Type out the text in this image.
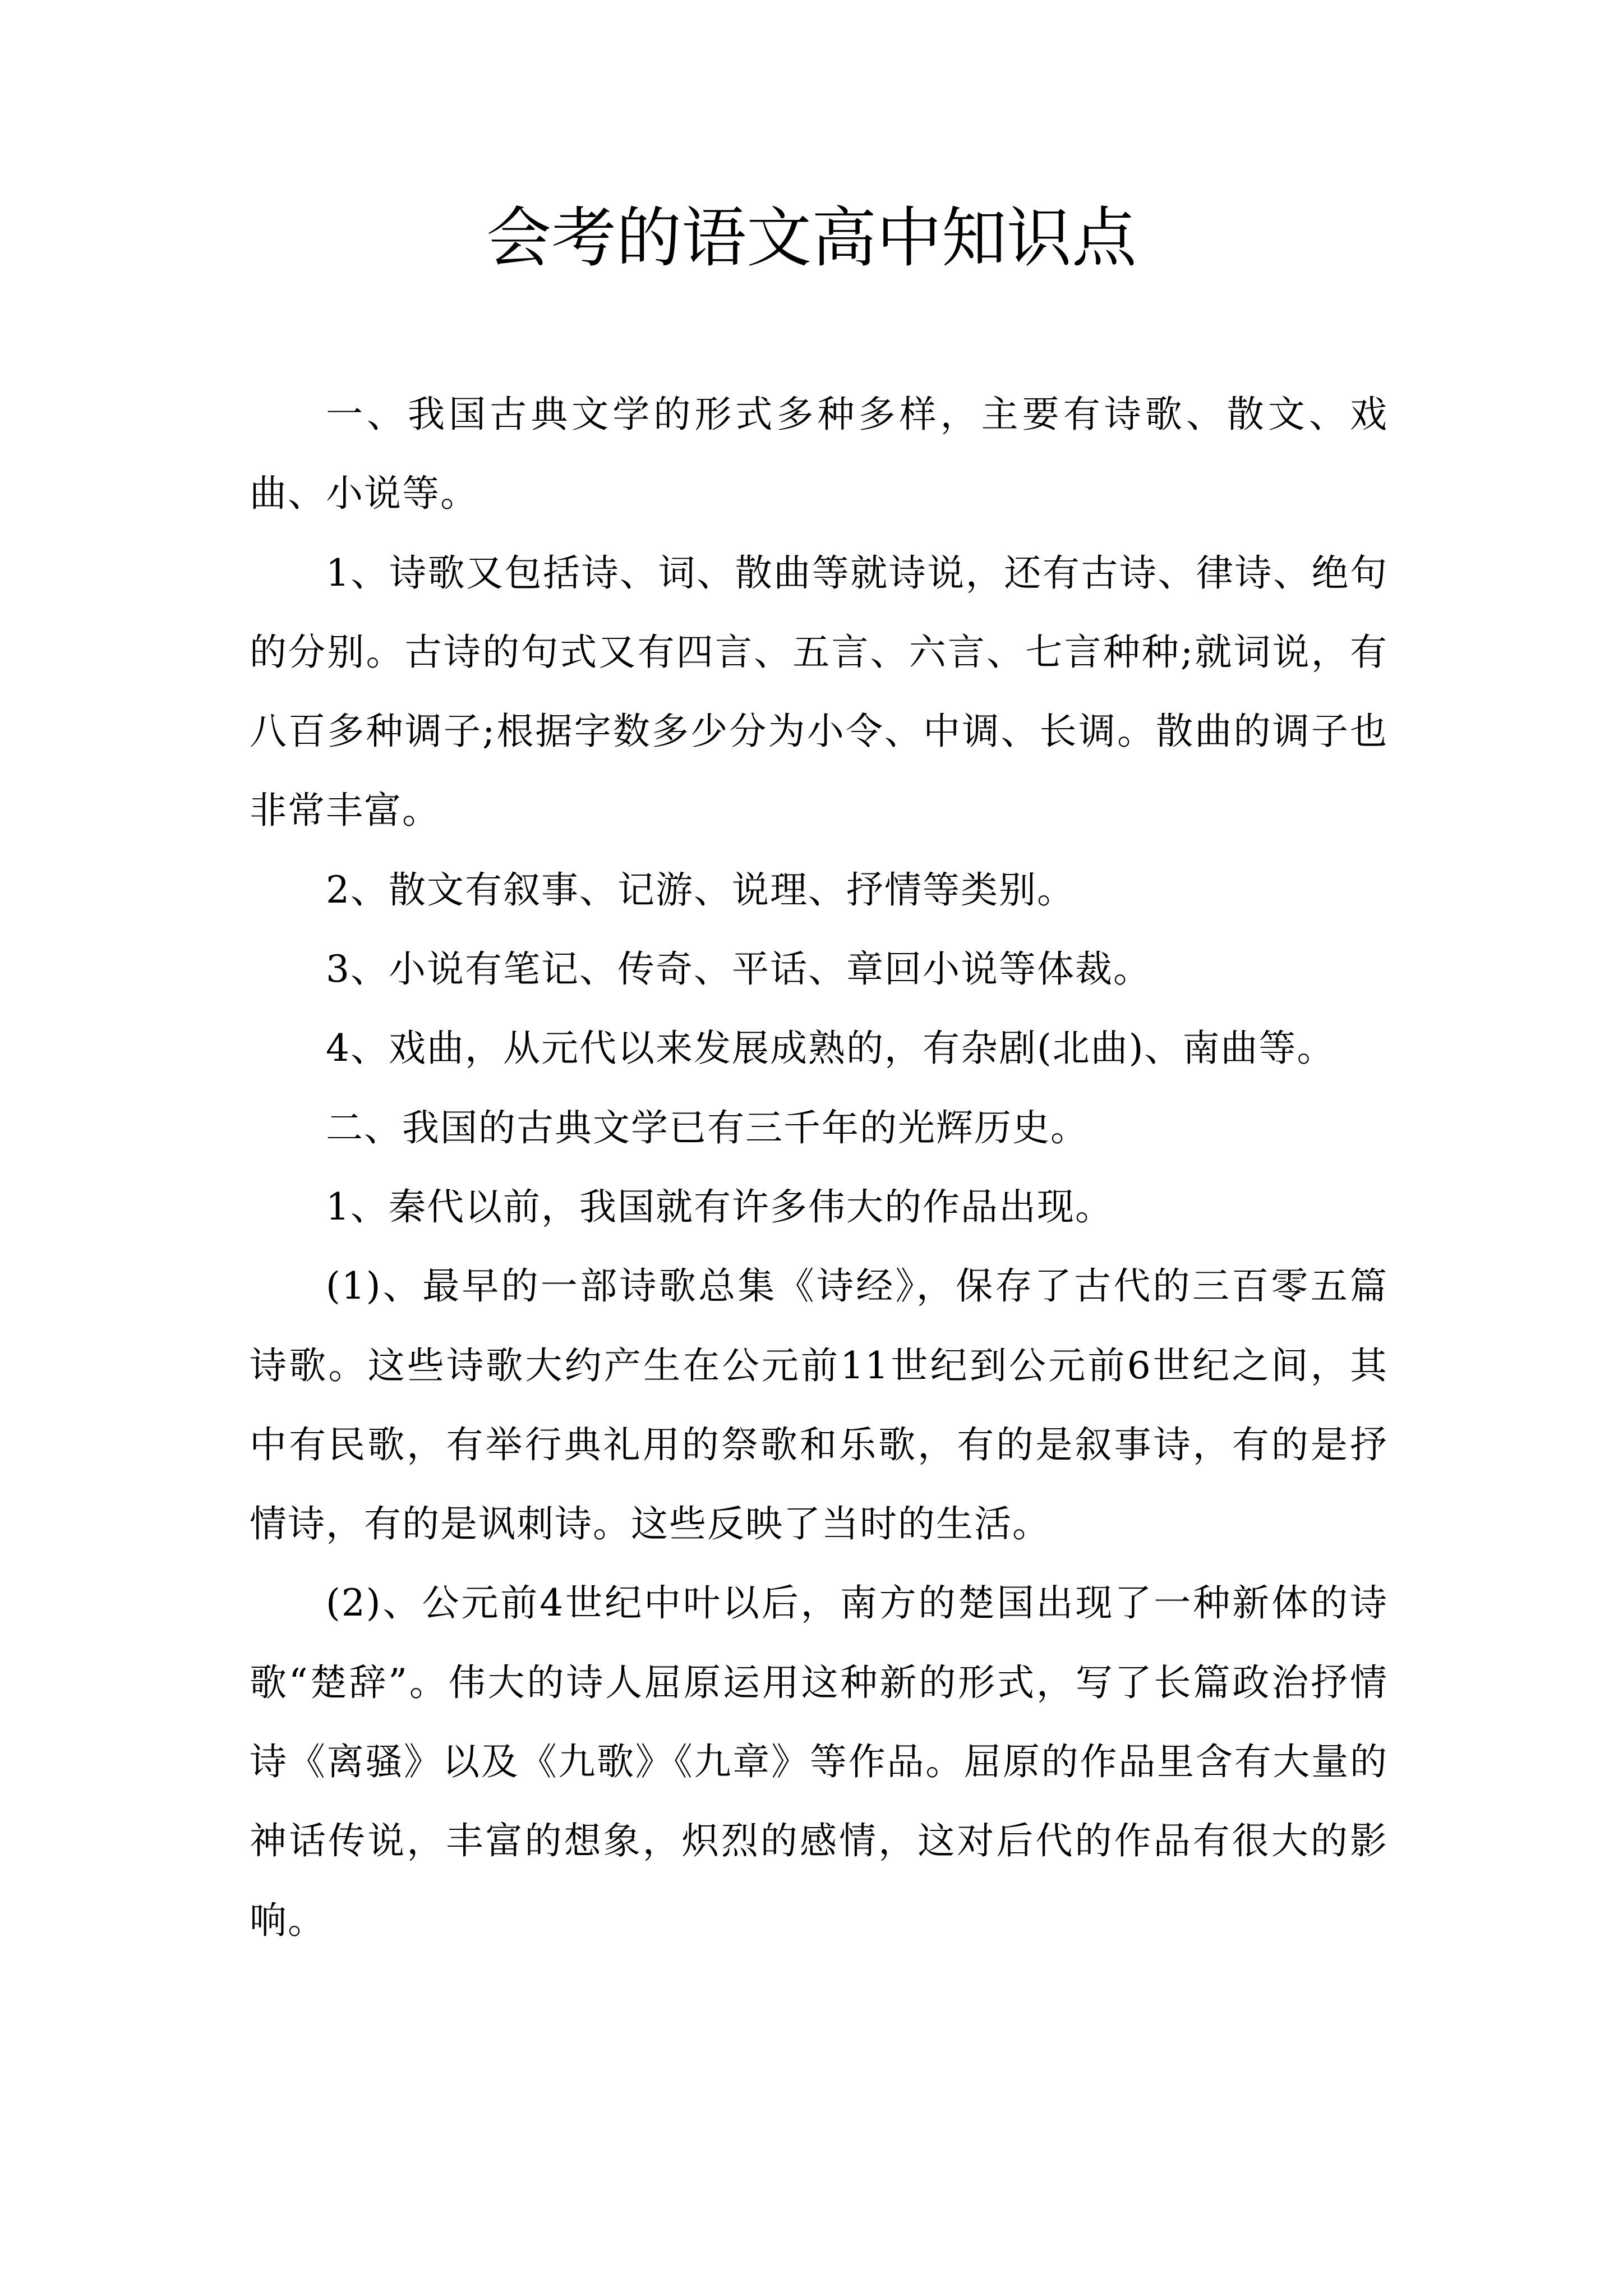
会考的语文高中知识点

一、我国古典文学的形式多种多样，主要有诗歌、散文、戏曲、小说等。

1、诗歌又包括诗、词、散曲等就诗说，还有古诗、律诗、绝句的分别。古诗的句式又有四言、五言、六言、七言种种;就词说，有八百多种调子;根据字数多少分为小令、中调、长调。散曲的调子也非常丰富。

2、散文有叙事、记游、说理、抒情等类别。

3、小说有笔记、传奇、平话、章回小说等体裁。

4、戏曲，从元代以来发展成熟的，有杂剧(北曲)、南曲等。

二、我国的古典文学已有三千年的光辉历史。

1、秦代以前，我国就有许多伟大的作品出现。

(1)、最早的一部诗歌总集《诗经》，保存了古代的三百零五篇诗歌。这些诗歌大约产生在公元前11世纪到公元前6世纪之间，其中有民歌，有举行典礼用的祭歌和乐歌，有的是叙事诗，有的是抒情诗，有的是讽刺诗。这些反映了当时的生活。

(2)、公元前4世纪中叶以后，南方的楚国出现了一种新体的诗歌“楚辞”。伟大的诗人屈原运用这种新的形式，写了长篇政治抒情诗《离骚》以及《九歌》《九章》等作品。屈原的作品里含有大量的神话传说，丰富的想象，炽烈的感情，这对后代的作品有很大的影响。
